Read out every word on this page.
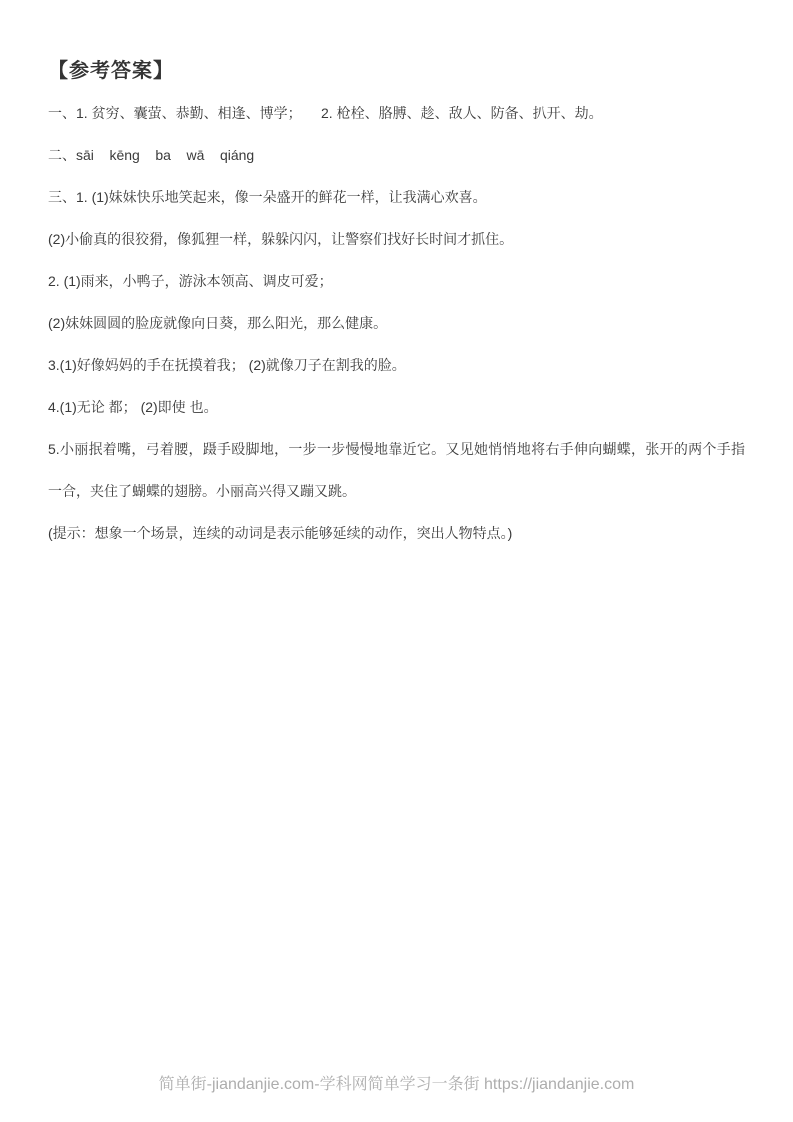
【参考答案】

一、1. 贫穷、囊萤、恭勤、相逢、博学；     2. 枪栓、胳膊、趁、敌人、防备、扒开、劫。

二、sāi    kēng    ba    wā    qiáng

三、1. (1)妹妹快乐地笑起来，像一朵盛开的鲜花一样，让我满心欢喜。

(2)小偷真的很狡猾，像狐狸一样，躲躲闪闪，让警察们找好长时间才抓住。

2. (1)雨来，小鸭子，游泳本领高、调皮可爱；

(2)妹妹圆圆的脸庞就像向日葵，那么阳光，那么健康。

3.(1)好像妈妈的手在抚摸着我； (2)就像刀子在割我的脸。

4.(1)无论 都； (2)即使 也。

5.小丽抿着嘴，弓着腰，蹑手殴脚地，一步一步慢慢地靠近它。又见她悄悄地将右手伸向蝴蝶，张开的两个手指一合，夹住了蝴蝶的翅膀。小丽高兴得又蹦又跳。

(提示：想象一个场景，连续的动词是表示能够延续的动作，突出人物特点。)

简单街-jiandanjie.com-学科网简单学习一条街 https://jiandanjie.com
